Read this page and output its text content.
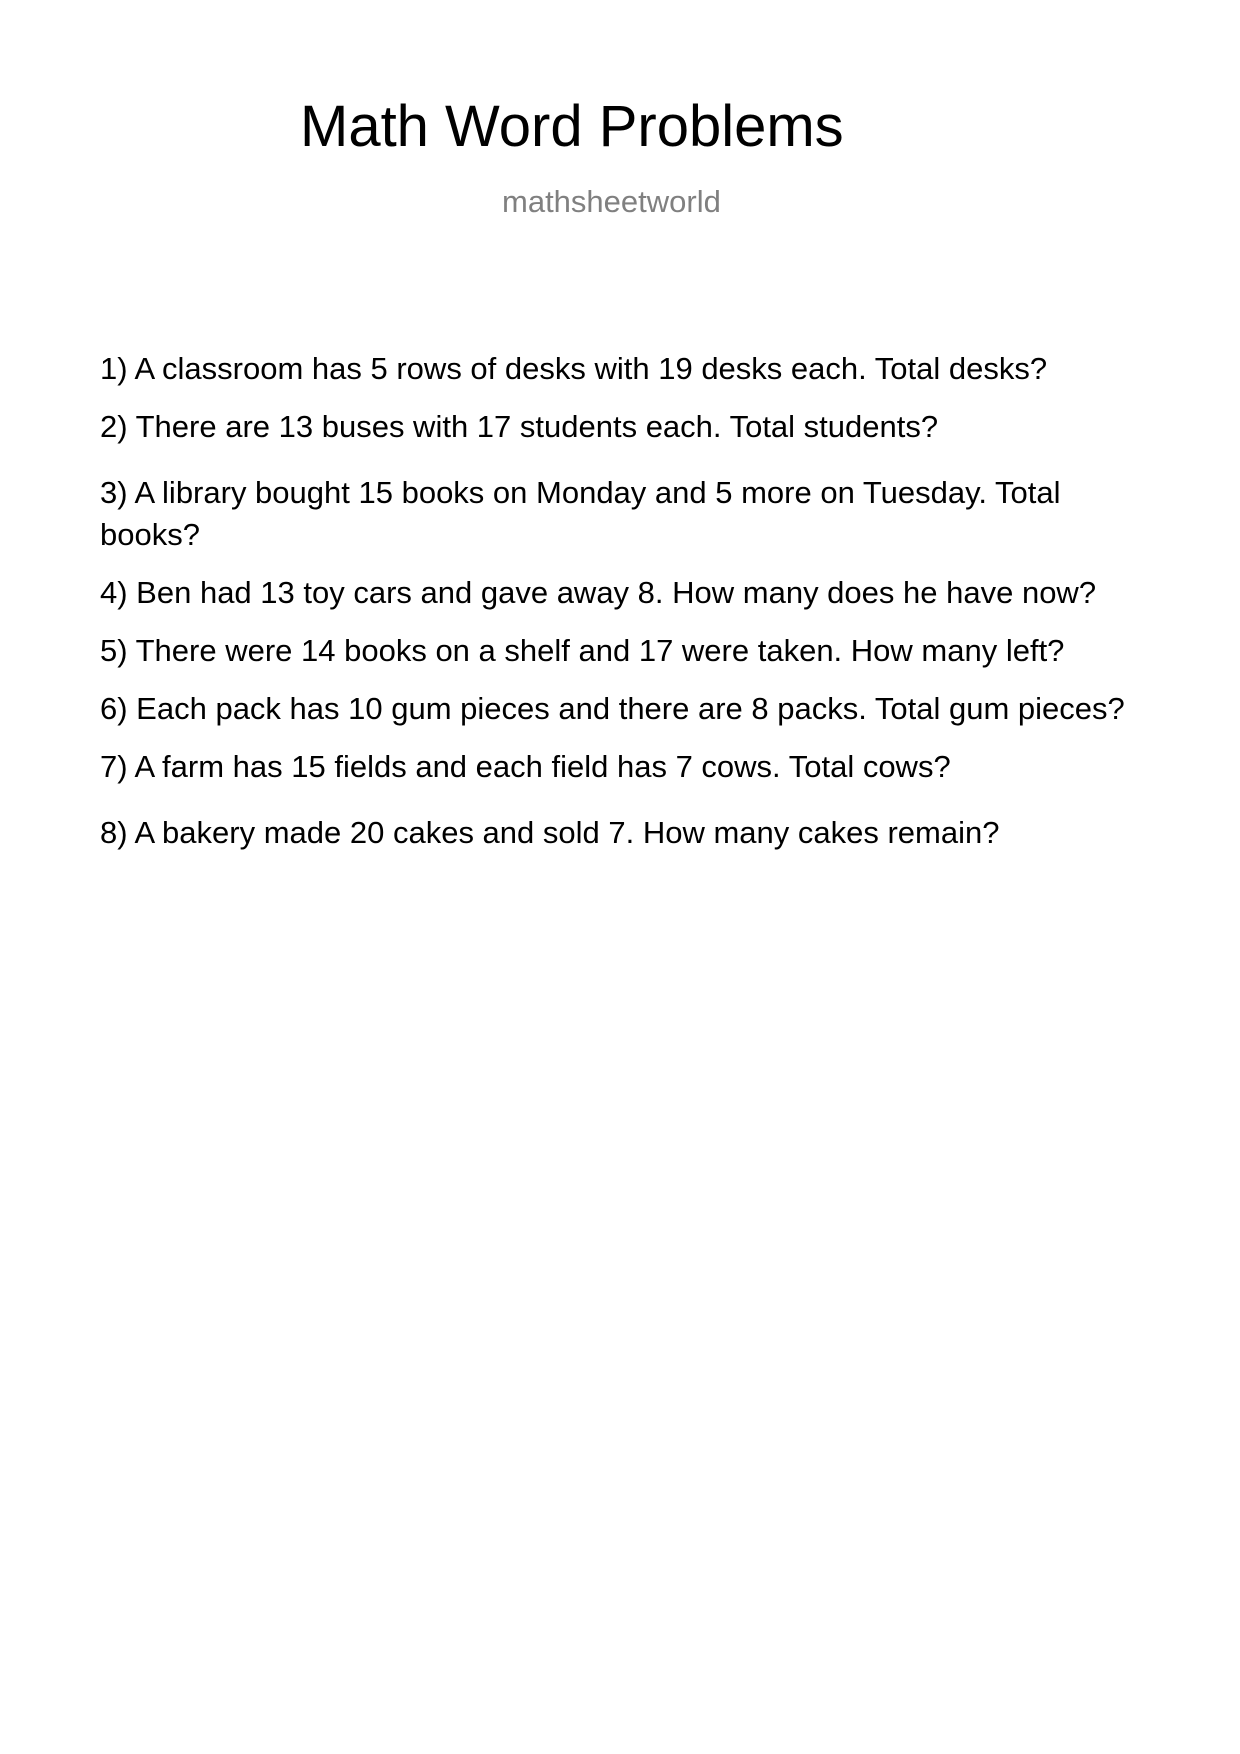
Math Word Problems
mathsheetworld
1) A classroom has 5 rows of desks with 19 desks each. Total desks?
2) There are 13 buses with 17 students each. Total students?
3) A library bought 15 books on Monday and 5 more on Tuesday. Total books?
4) Ben had 13 toy cars and gave away 8. How many does he have now?
5) There were 14 books on a shelf and 17 were taken. How many left?
6) Each pack has 10 gum pieces and there are 8 packs. Total gum pieces?
7) A farm has 15 fields and each field has 7 cows. Total cows?
8) A bakery made 20 cakes and sold 7. How many cakes remain?
